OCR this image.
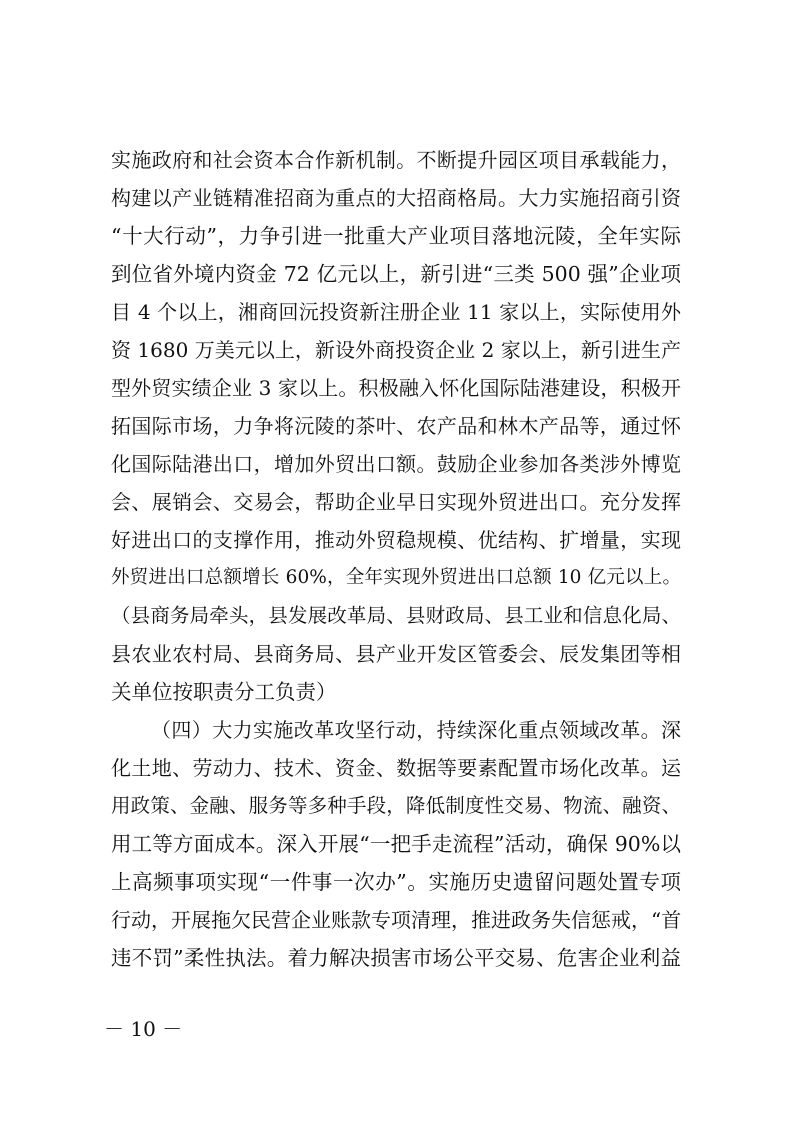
实施政府和社会资本合作新机制。不断提升园区项目承载能力，
构建以产业链精准招商为重点的大招商格局。大力实施招商引资
“十大行动”，力争引进一批重大产业项目落地沅陵，全年实际
到位省外境内资金 72 亿元以上，新引进“三类 500 强”企业项
目 4 个以上，湘商回沅投资新注册企业 11 家以上，实际使用外
资 1680 万美元以上，新设外商投资企业 2 家以上，新引进生产
型外贸实绩企业 3 家以上。积极融入怀化国际陆港建设，积极开
拓国际市场，力争将沅陵的茶叶、农产品和林木产品等，通过怀
化国际陆港出口，增加外贸出口额。鼓励企业参加各类涉外博览
会、展销会、交易会，帮助企业早日实现外贸进出口。充分发挥
好进出口的支撑作用，推动外贸稳规模、优结构、扩增量，实现
外贸进出口总额增长 60%，全年实现外贸进出口总额 10 亿元以上。
（县商务局牵头，县发展改革局、县财政局、县工业和信息化局、
县农业农村局、县商务局、县产业开发区管委会、辰发集团等相
关单位按职责分工负责）
（四）大力实施改革攻坚行动，持续深化重点领域改革。深
化土地、劳动力、技术、资金、数据等要素配置市场化改革。运
用政策、金融、服务等多种手段，降低制度性交易、物流、融资、
用工等方面成本。深入开展“一把手走流程”活动，确保 90%以
上高频事项实现“一件事一次办”。实施历史遗留问题处置专项
行动，开展拖欠民营企业账款专项清理，推进政务失信惩戒，“首
违不罚”柔性执法。着力解决损害市场公平交易、危害企业利益
－ 10 －
